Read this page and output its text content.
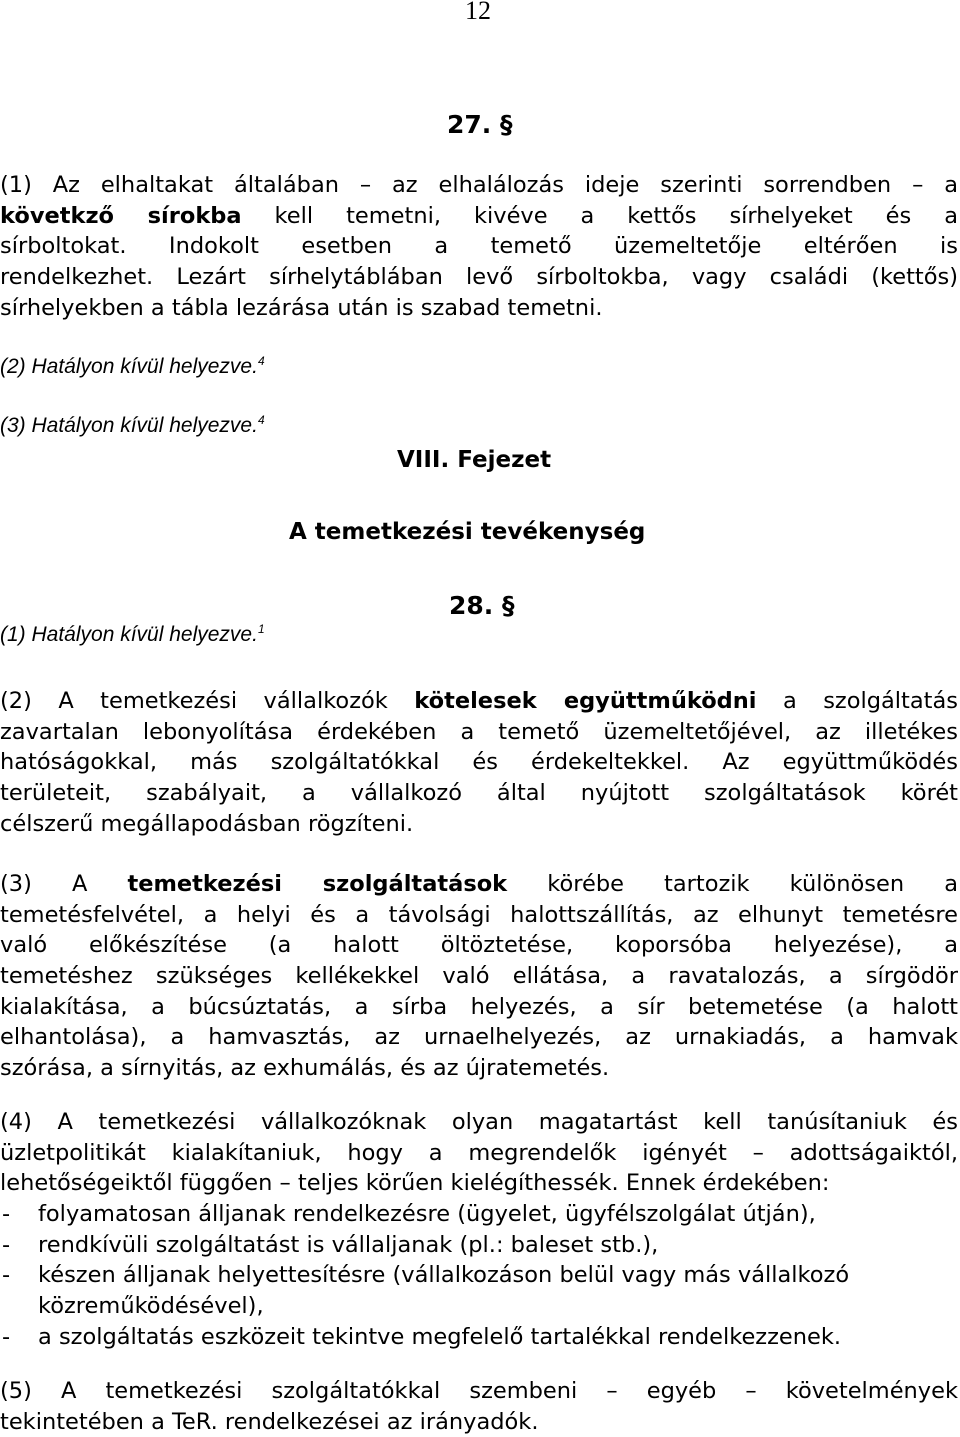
12
27. §
(1) Az elhaltakat általában – az elhalálozás ideje szerinti sorrendben – a
követkző sírokba kell temetni, kivéve a kettős sírhelyeket és a
sírboltokat. Indokolt esetben a temető üzemeltetője eltérően is
rendelkezhet. Lezárt sírhelytáblában levő sírboltokba, vagy családi (kettős)
sírhelyekben a tábla lezárása után is szabad temetni.
(2) Hatályon kívül helyezve.$^4$
(3) Hatályon kívül helyezve.$^4$
VIII. Fejezet
A temetkezési tevékenység
28. §
(1) Hatályon kívül helyezve.$^1$
(2) A temetkezési vállalkozók kötelesek együttműködni a szolgáltatás
zavartalan lebonyolítása érdekében a temető üzemeltetőjével, az illetékes
hatóságokkal, más szolgáltatókkal és érdekeltekkel. Az együttműködés
területeit, szabályait, a vállalkozó által nyújtott szolgáltatások körét
célszerű megállapodásban rögzíteni.
(3) A temetkezési szolgáltatások körébe tartozik különösen a
temetésfelvétel, a helyi és a távolsági halottszállítás, az elhunyt temetésre
való előkészítése (a halott öltöztetése, koporsóba helyezése), a
temetéshez szükséges kellékekkel való ellátása, a ravatalozás, a sírgödör
kialakítása, a búcsúztatás, a sírba helyezés, a sír betemetése (a halott
elhantolása), a hamvasztás, az urnaelhelyezés, az urnakiadás, a hamvak
szórása, a sírnyitás, az exhumálás, és az újratemetés.
(4) A temetkezési vállalkozóknak olyan magatartást kell tanúsítaniuk és
üzletpolitikát kialakítaniuk, hogy a megrendelők igényét – adottságaiktól,
lehetőségeiktől függően – teljes körűen kielégíthessék. Ennek érdekében:
- folyamatosan álljanak rendelkezésre (ügyelet, ügyfélszolgálat útján),
- rendkívüli szolgáltatást is vállaljanak (pl.: baleset stb.),
- készen álljanak helyettesítésre (vállalkozáson belül vagy más vállalkozó
közreműködésével),
- a szolgáltatás eszközeit tekintve megfelelő tartalékkal rendelkezzenek.
(5) A temetkezési szolgáltatókkal szembeni – egyéb – követelmények
tekintetében a TeR. rendelkezései az irányadók.
